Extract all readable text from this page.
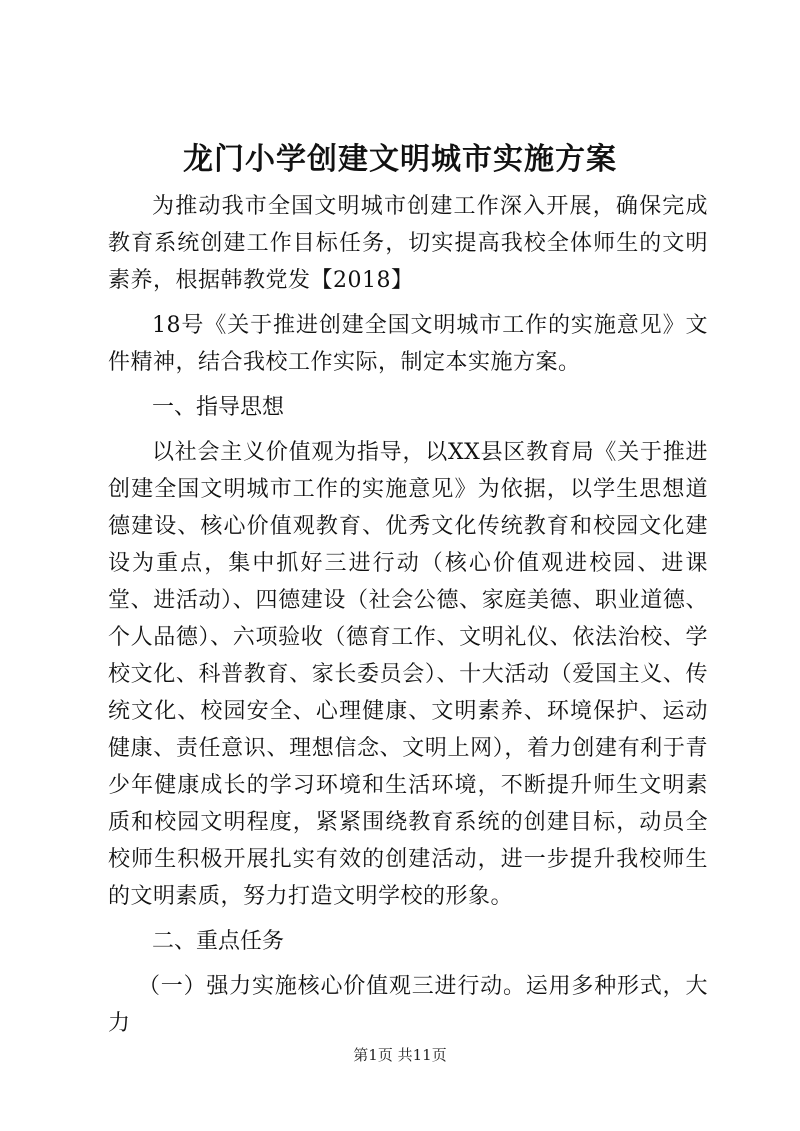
龙门小学创建文明城市实施方案

为推动我市全国文明城市创建工作深入开展，确保完成教育系统创建工作目标任务，切实提高我校全体师生的文明素养，根据韩教党发【2018】

18号《关于推进创建全国文明城市工作的实施意见》文件精神，结合我校工作实际，制定本实施方案。

一、指导思想

以社会主义价值观为指导，以XX县区教育局《关于推进创建全国文明城市工作的实施意见》为依据，以学生思想道德建设、核心价值观教育、优秀文化传统教育和校园文化建设为重点，集中抓好三进行动（核心价值观进校园、进课堂、进活动）、四德建设（社会公德、家庭美德、职业道德、个人品德）、六项验收（德育工作、文明礼仪、依法治校、学校文化、科普教育、家长委员会）、十大活动（爱国主义、传统文化、校园安全、心理健康、文明素养、环境保护、运动健康、责任意识、理想信念、文明上网），着力创建有利于青少年健康成长的学习环境和生活环境，不断提升师生文明素质和校园文明程度，紧紧围绕教育系统的创建目标，动员全校师生积极开展扎实有效的创建活动，进一步提升我校师生的文明素质，努力打造文明学校的形象。

二、重点任务

（一）强力实施核心价值观三进行动。运用多种形式，大力

第1页 共11页
